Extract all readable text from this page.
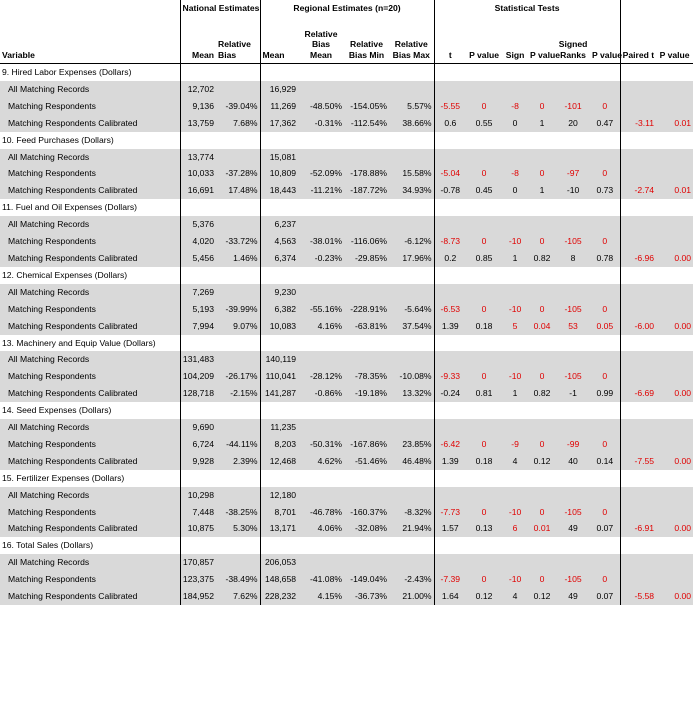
	National Estimates		Regional Estimates (n=20)				Statistical Tests							
Variable	Mean	Relative Bias	Mean	Relative Bias Mean	Relative Bias Min	Relative Bias Max	t	P value	Sign	P value	Signed Ranks	P value	Paired t	P value
9. Hired Labor Expenses (Dollars)														
All Matching Records	12,702		16,929											
Matching Respondents	9,136	-39.04%	11,269	-48.50%	-154.05%	5.57%	-5.55	0	-8	0	-101	0		
Matching Respondents Calibrated	13,759	7.68%	17,362	-0.31%	-112.54%	38.66%	0.6	0.55	0	1	20	0.47	-3.11	0.01
10. Feed Purchases (Dollars)														
All Matching Records	13,774		15,081											
Matching Respondents	10,033	-37.28%	10,809	-52.09%	-178.88%	15.58%	-5.04	0	-8	0	-97	0		
Matching Respondents Calibrated	16,691	17.48%	18,443	-11.21%	-187.72%	34.93%	-0.78	0.45	0	1	-10	0.73	-2.74	0.01
11. Fuel and Oil Expenses (Dollars)														
All Matching Records	5,376		6,237											
Matching Respondents	4,020	-33.72%	4,563	-38.01%	-116.06%	-6.12%	-8.73	0	-10	0	-105	0		
Matching Respondents Calibrated	5,456	1.46%	6,374	-0.23%	-29.85%	17.96%	0.2	0.85	1	0.82	8	0.78	-6.96	0.00
12. Chemical Expenses (Dollars)														
All Matching Records	7,269		9,230											
Matching Respondents	5,193	-39.99%	6,382	-55.16%	-228.91%	-5.64%	-6.53	0	-10	0	-105	0		
Matching Respondents Calibrated	7,994	9.07%	10,083	4.16%	-63.81%	37.54%	1.39	0.18	5	0.04	53	0.05	-6.00	0.00
13. Machinery and Equip Value (Dollars)														
All Matching Records	131,483		140,119											
Matching Respondents	104,209	-26.17%	110,041	-28.12%	-78.35%	-10.08%	-9.33	0	-10	0	-105	0		
Matching Respondents Calibrated	128,718	-2.15%	141,287	-0.86%	-19.18%	13.32%	-0.24	0.81	1	0.82	-1	0.99	-6.69	0.00
14. Seed Expenses (Dollars)														
All Matching Records	9,690		11,235											
Matching Respondents	6,724	-44.11%	8,203	-50.31%	-167.86%	23.85%	-6.42	0	-9	0	-99	0		
Matching Respondents Calibrated	9,928	2.39%	12,468	4.62%	-51.46%	46.48%	1.39	0.18	4	0.12	40	0.14	-7.55	0.00
15. Fertilizer Expenses (Dollars)														
All Matching Records	10,298		12,180											
Matching Respondents	7,448	-38.25%	8,701	-46.78%	-160.37%	-8.32%	-7.73	0	-10	0	-105	0		
Matching Respondents Calibrated	10,875	5.30%	13,171	4.06%	-32.08%	21.94%	1.57	0.13	6	0.01	49	0.07	-6.91	0.00
16. Total Sales (Dollars)														
All Matching Records	170,857		206,053											
Matching Respondents	123,375	-38.49%	148,658	-41.08%	-149.04%	-2.43%	-7.39	0	-10	0	-105	0		
Matching Respondents Calibrated	184,952	7.62%	228,232	4.15%	-36.73%	21.00%	1.64	0.12	4	0.12	49	0.07	-5.58	0.00
